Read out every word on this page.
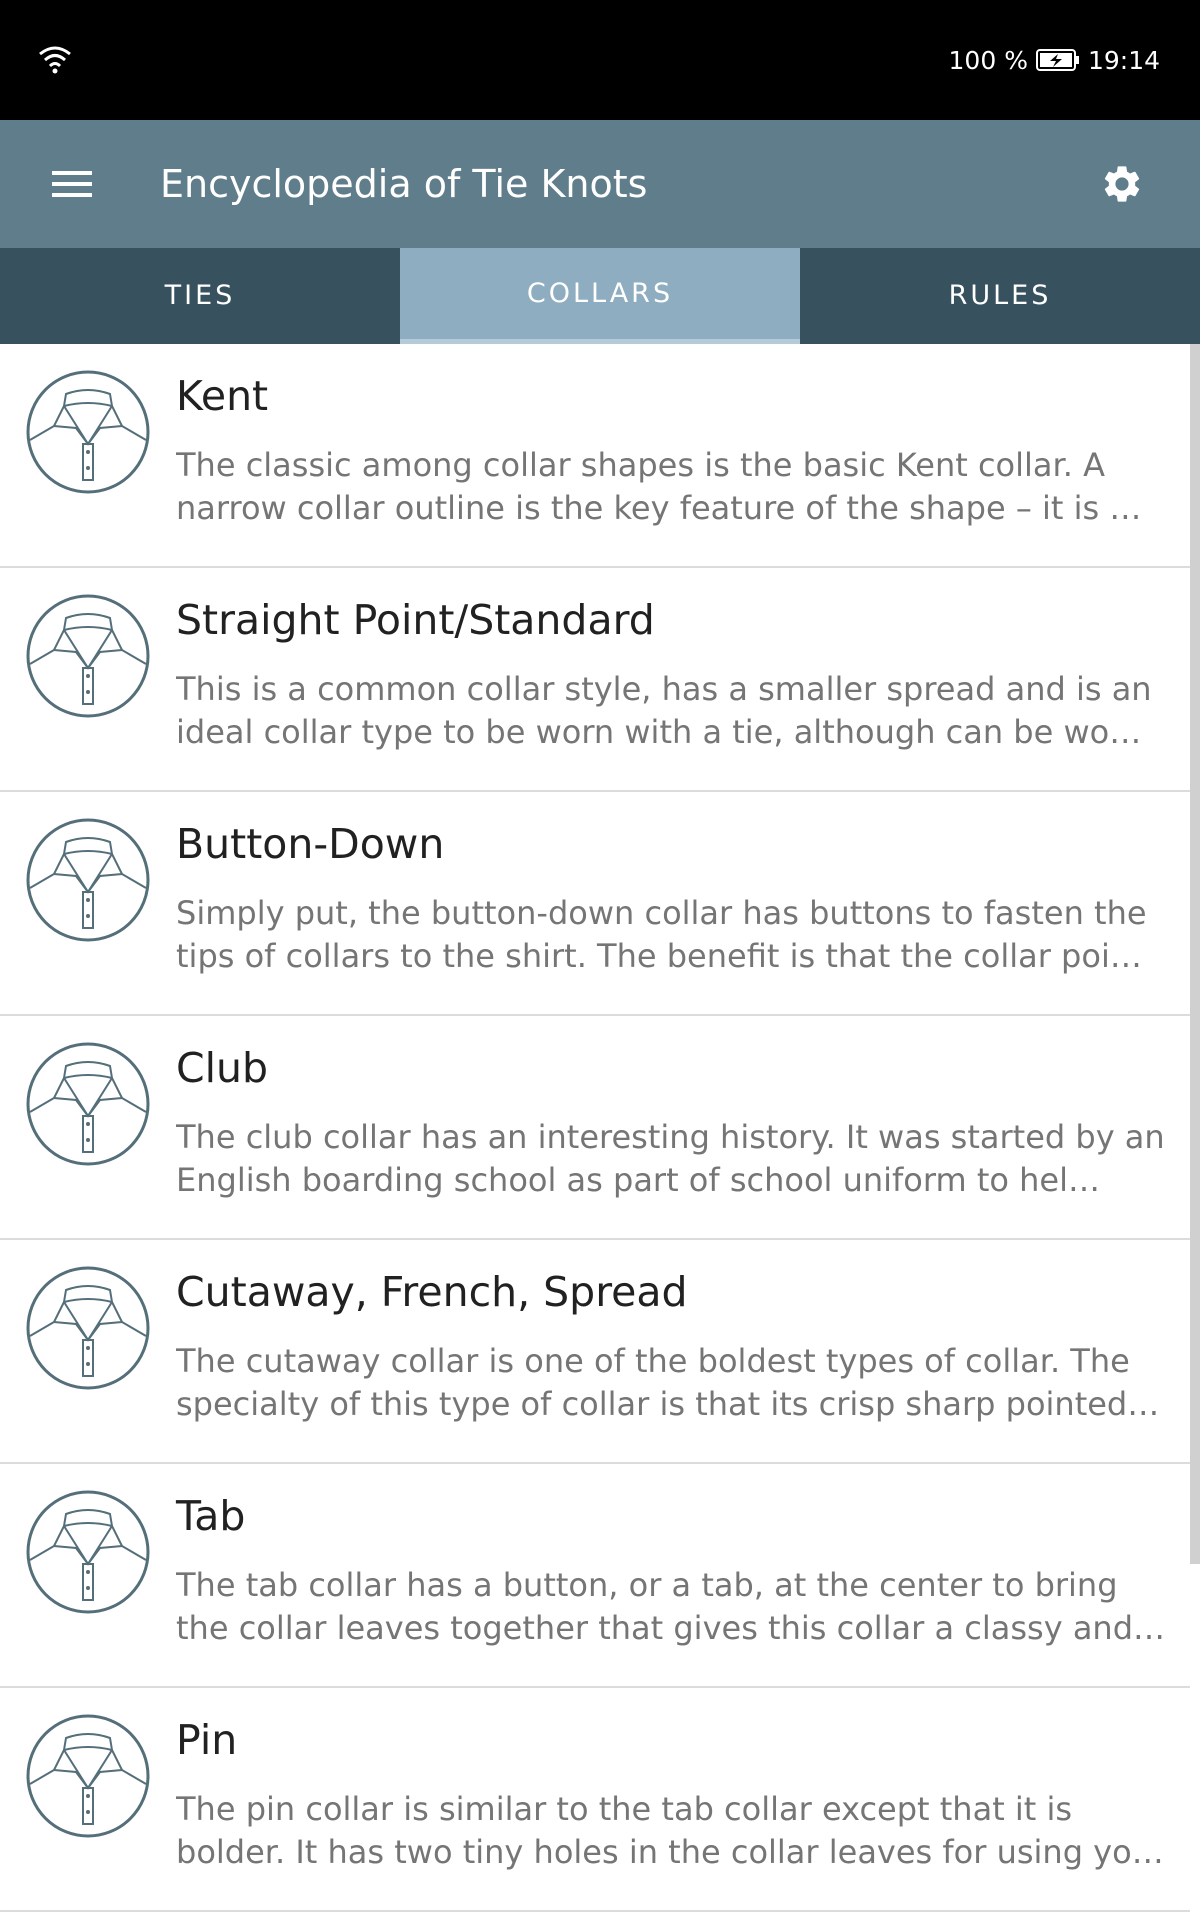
100 % 19:14
Encyclopedia of Tie Knots
TIES	COLLARS	RULES
Kent
The classic among collar shapes is the basic Kent collar. A narrow collar outline is the key feature of the shape – it is …
Straight Point/Standard
This is a common collar style, has a smaller spread and is an ideal collar type to be worn with a tie, although can be wo…
Button-Down
Simply put, the button-down collar has buttons to fasten the tips of collars to the shirt. The benefit is that the collar poi…
Club
The club collar has an interesting history. It was started by an English boarding school as part of school uniform to hel…
Cutaway, French, Spread
The cutaway collar is one of the boldest types of collar. The specialty of this type of collar is that its crisp sharp pointed…
Tab
The tab collar has a button, or a tab, at the center to bring the collar leaves together that gives this collar a classy and…
Pin
The pin collar is similar to the tab collar except that it is bolder. It has two tiny holes in the collar leaves for using yo…
